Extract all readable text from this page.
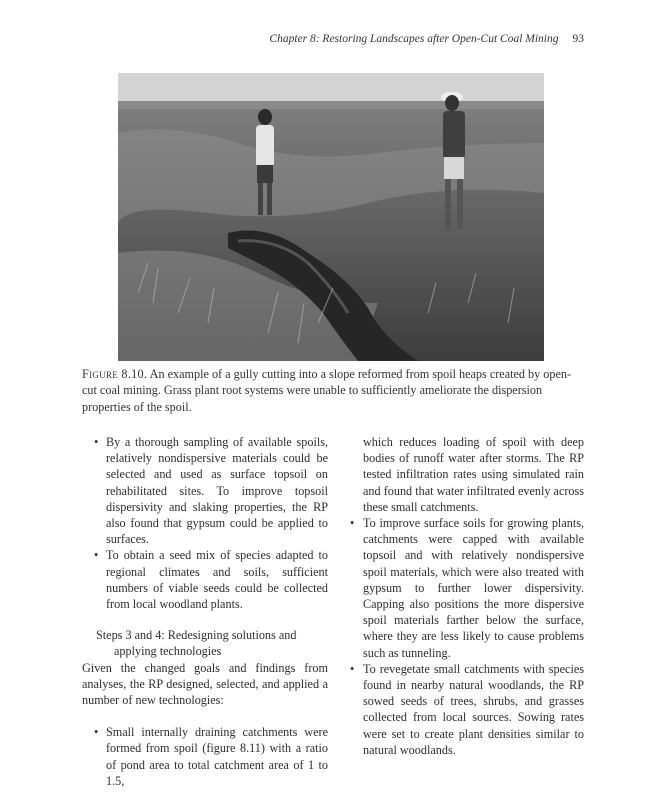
Chapter 8: Restoring Landscapes after Open-Cut Coal Mining 93
Figure 8.10. An example of a gully cutting into a slope reformed from spoil heaps created by open-cut coal mining. Grass plant root systems were unable to sufficiently ameliorate the dispersion properties of the spoil.
• By a thorough sampling of available spoils, relatively nondispersive materials could be selected and used as surface topsoil on rehabilitated sites. To improve topsoil dispersivity and slaking properties, the RP also found that gypsum could be applied to surfaces.
• To obtain a seed mix of species adapted to regional climates and soils, sufficient numbers of viable seeds could be collected from local woodland plants.
Steps 3 and 4: Redesigning solutions and
applying technologies
Given the changed goals and findings from analyses, the RP designed, selected, and applied a number of new technologies:
• Small internally draining catchments were formed from spoil (figure 8.11) with a ratio of pond area to total catchment area of 1 to 1.5,
which reduces loading of spoil with deep bodies of runoff water after storms. The RP tested infiltration rates using simulated rain and found that water infiltrated evenly across these small catchments.
• To improve surface soils for growing plants, catchments were capped with available topsoil and with relatively nondispersive spoil materials, which were also treated with gypsum to further lower dispersivity. Capping also positions the more dispersive spoil materials farther below the surface, where they are less likely to cause problems such as tunneling.
• To revegetate small catchments with species found in nearby natural woodlands, the RP sowed seeds of trees, shrubs, and grasses collected from local sources. Sowing rates were set to create plant densities similar to natural woodlands.
